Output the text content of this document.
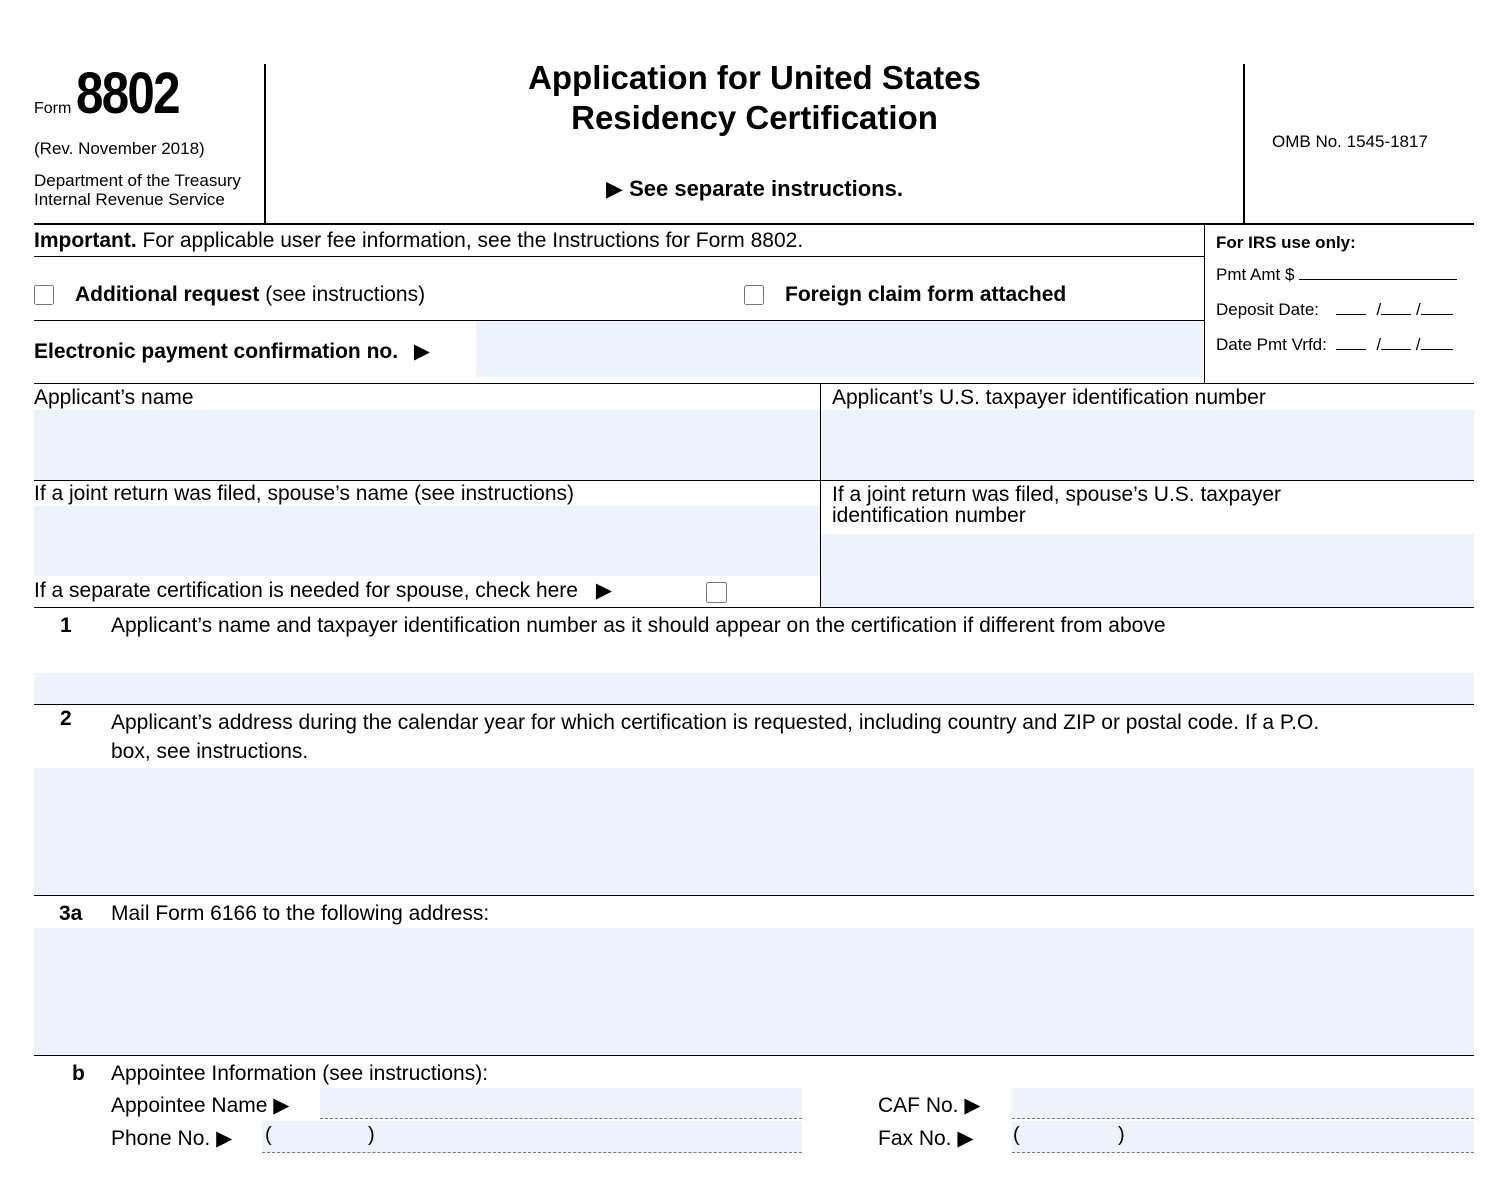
Form 8802
(Rev. November 2018)
Department of the Treasury
Internal Revenue Service
Application for United States
Residency Certification
▶ See separate instructions.
OMB No. 1545-1817
Important. For applicable user fee information, see the Instructions for Form 8802.
Additional request (see instructions)	Foreign claim form attached
Electronic payment confirmation no. ▶
For IRS use only:
Pmt Amt $
Deposit Date:	/ /
Date Pmt Vrfd:	/ /
Applicant’s name	Applicant’s U.S. taxpayer identification number
If a joint return was filed, spouse’s name (see instructions)	If a joint return was filed, spouse’s U.S. taxpayer
identification number
If a separate certification is needed for spouse, check here ▶
1 Applicant’s name and taxpayer identification number as it should appear on the certification if different from above
2 Applicant’s address during the calendar year for which certification is requested, including country and ZIP or postal code. If a P.O.
box, see instructions.
3a Mail Form 6166 to the following address:
b Appointee Information (see instructions):
Appointee Name ▶	CAF No. ▶
Phone No. ▶ (	)	Fax No. ▶ (	)
